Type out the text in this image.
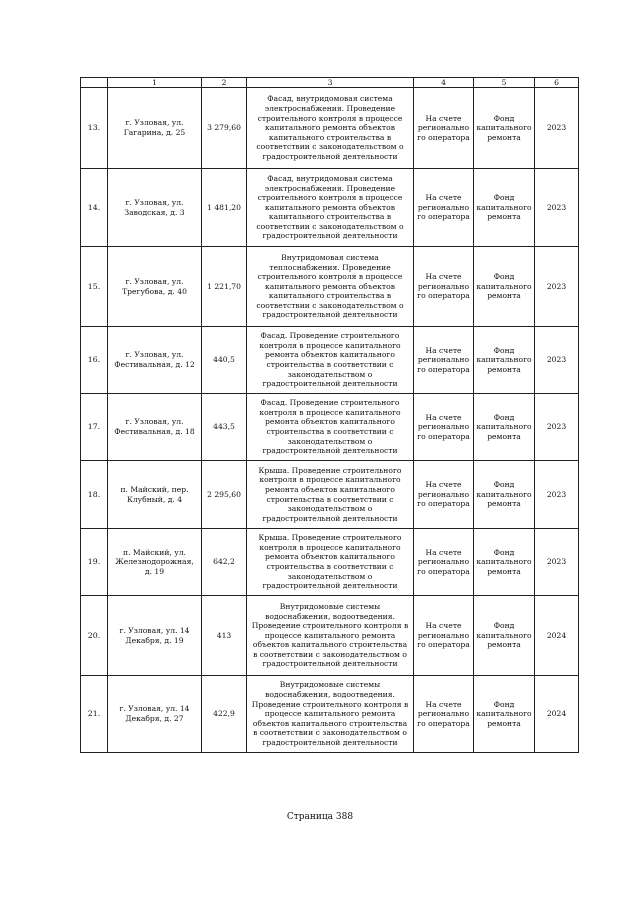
	1	2	3	4	5	6
13.	г. Узловая, ул. Гагарина, д. 25	3 279,60	Фасад, внутридомовая система электроснабжения. Проведение строительного контроля в процессе капитального ремонта объектов капитального строительства в соответствии с законодательством о градостроительной деятельности	На счете регионального оператора	Фонд капитального ремонта	2023
14.	г. Узловая, ул. Заводская, д. 3	1 481,20	Фасад, внутридомовая система электроснабжения. Проведение строительного контроля в процессе капитального ремонта объектов капитального строительства в соответствии с законодательством о градостроительной деятельности	На счете регионального оператора	Фонд капитального ремонта	2023
15.	г. Узловая, ул. Трегубова, д. 40	1 221,70	Внутридомовая система теплоснабжения. Проведение строительного контроля в процессе капитального ремонта объектов капитального строительства в соответствии с законодательством о градостроительной деятельности	На счете регионального оператора	Фонд капитального ремонта	2023
16.	г. Узловая, ул. Фестивальная, д. 12	440,5	Фасад. Проведение строительного контроля в процессе капитального ремонта объектов капитального строительства в соответствии с законодательством о градостроительной деятельности	На счете регионального оператора	Фонд капитального ремонта	2023
17.	г. Узловая, ул. Фестивальная, д. 18	443,5	Фасад. Проведение строительного контроля в процессе капитального ремонта объектов капитального строительства в соответствии с законодательством о градостроительной деятельности	На счете регионального оператора	Фонд капитального ремонта	2023
18.	п. Майский, пер. Клубный, д. 4	2 295,60	Крыша. Проведение строительного контроля в процессе капитального ремонта объектов капитального строительства в соответствии с законодательством о градостроительной деятельности	На счете регионального оператора	Фонд капитального ремонта	2023
19.	п. Майский, ул. Железнодорожная, д. 19	642,2	Крыша. Проведение строительного контроля в процессе капитального ремонта объектов капитального строительства в соответствии с законодательством о градостроительной деятельности	На счете регионального оператора	Фонд капитального ремонта	2023
20.	г. Узловая, ул. 14 Декабря, д. 19	413	Внутридомовые системы водоснабжения, водоотведения. Проведение строительного контроля в процессе капитального ремонта объектов капитального строительства в соответствии с законодательством о градостроительной деятельности	На счете регионального оператора	Фонд капитального ремонта	2024
21.	г. Узловая, ул. 14 Декабря, д. 27	422,9	Внутридомовые системы водоснабжения, водоотведения. Проведение строительного контроля в процессе капитального ремонта объектов капитального строительства в соответствии с законодательством о градостроительной деятельности	На счете регионального оператора	Фонд капитального ремонта	2024
Страница 388
